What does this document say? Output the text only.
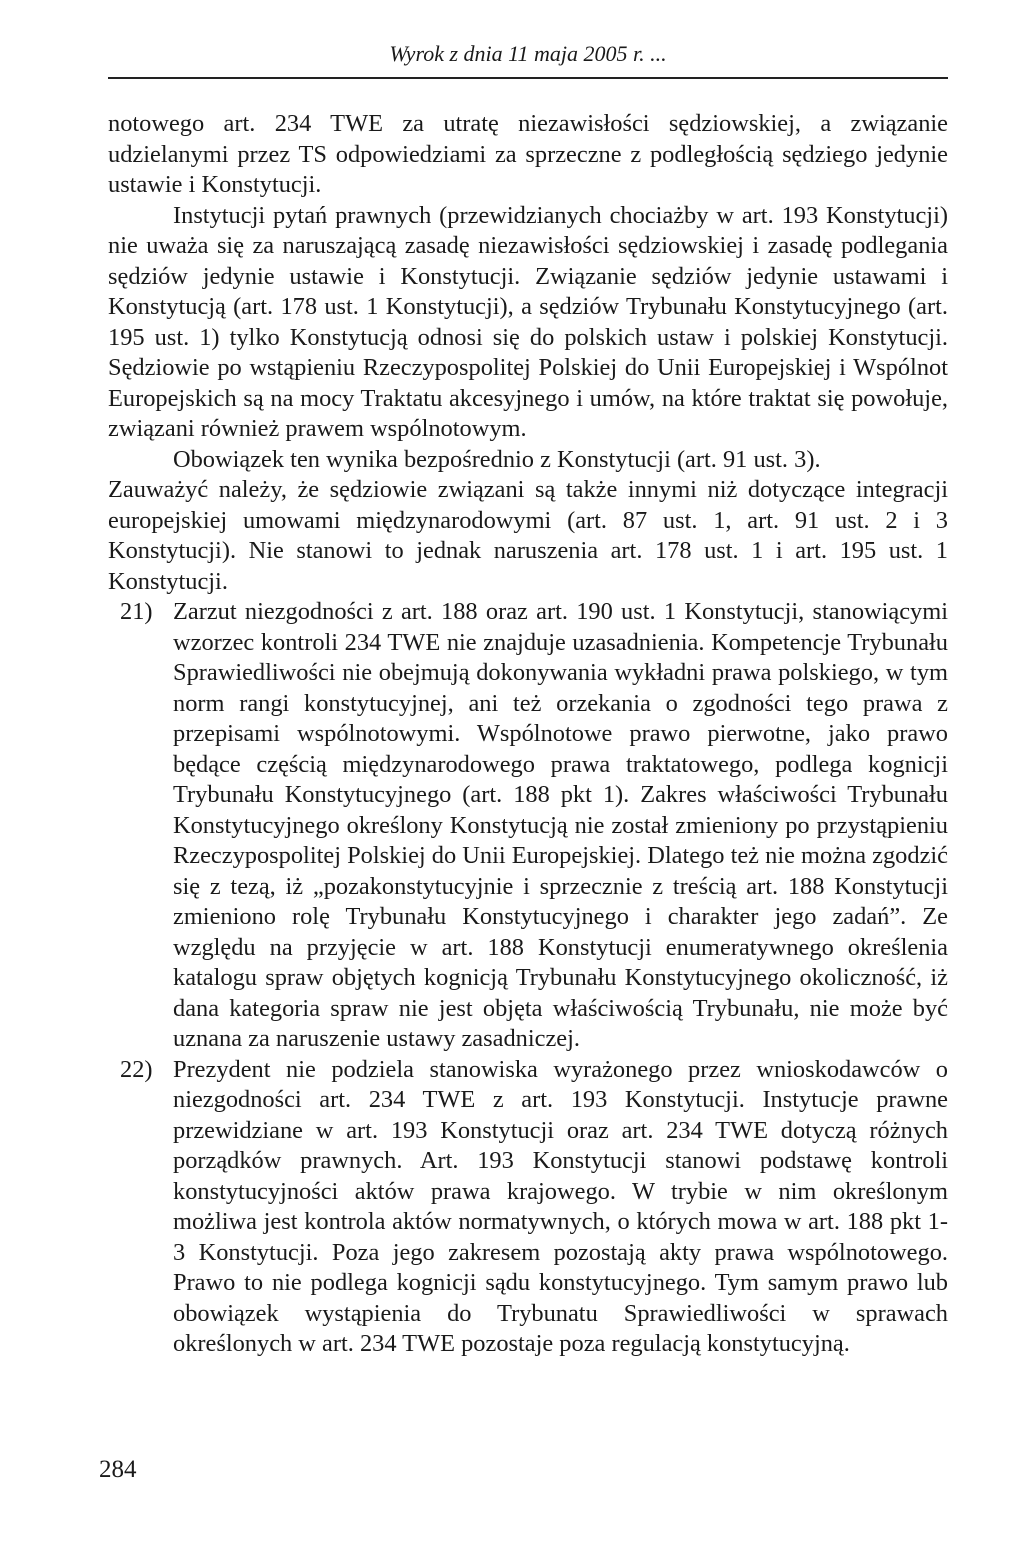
Wyrok z dnia 11 maja 2005 r. ...

notowego art. 234 TWE za utratę niezawisłości sędziowskiej, a związanie udzielanymi przez TS odpowiedziami za sprzeczne z podległością sędziego jedynie ustawie i Konstytucji.

Instytucji pytań prawnych (przewidzianych chociażby w art. 193 Konstytucji) nie uważa się za naruszającą zasadę niezawisłości sędziowskiej i zasadę podlegania sędziów jedynie ustawie i Konstytucji. Związanie sędziów jedynie ustawami i Konstytucją (art. 178 ust. 1 Konstytucji), a sędziów Trybunału Konstytucyjnego (art. 195 ust. 1) tylko Konstytucją odnosi się do polskich ustaw i polskiej Konstytucji. Sędziowie po wstąpieniu Rzeczypospolitej Polskiej do Unii Europejskiej i Wspólnot Europejskich są na mocy Traktatu akcesyjnego i umów, na które traktat się powołuje, związani również prawem wspólnotowym.

Obowiązek ten wynika bezpośrednio z Konstytucji (art. 91 ust. 3).

Zauważyć należy, że sędziowie związani są także innymi niż dotyczące integracji europejskiej umowami międzynarodowymi (art. 87 ust. 1, art. 91 ust. 2 i 3 Konstytucji). Nie stanowi to jednak naruszenia art. 178 ust. 1 i art. 195 ust. 1 Konstytucji.

21) Zarzut niezgodności z art. 188 oraz art. 190 ust. 1 Konstytucji, stanowiącymi wzorzec kontroli 234 TWE nie znajduje uzasadnienia. Kompetencje Trybunału Sprawiedliwości nie obejmują dokonywania wykładni prawa polskiego, w tym norm rangi konstytucyjnej, ani też orzekania o zgodności tego prawa z przepisami wspólnotowymi. Wspólnotowe prawo pierwotne, jako prawo będące częścią międzynarodowego prawa traktatowego, podlega kognicji Trybunału Konstytucyjnego (art. 188 pkt 1). Zakres właściwości Trybunału Konstytucyjnego określony Konstytucją nie został zmieniony po przystąpieniu Rzeczypospolitej Polskiej do Unii Europejskiej. Dlatego też nie można zgodzić się z tezą, iż „pozakonstytucyjnie i sprzecznie z treścią art. 188 Konstytucji zmieniono rolę Trybunału Konstytucyjnego i charakter jego zadań”. Ze względu na przyjęcie w art. 188 Konstytucji enumeratywnego określenia katalogu spraw objętych kognicją Trybunału Konstytucyjnego okoliczność, iż dana kategoria spraw nie jest objęta właściwością Trybunału, nie może być uznana za naruszenie ustawy zasadniczej.
22) Prezydent nie podziela stanowiska wyrażonego przez wnioskodawców o niezgodności art. 234 TWE z art. 193 Konstytucji. Instytucje prawne przewidziane w art. 193 Konstytucji oraz art. 234 TWE dotyczą różnych porządków prawnych. Art. 193 Konstytucji stanowi podstawę kontroli konstytucyjności aktów prawa krajowego. W trybie w nim określonym możliwa jest kontrola aktów normatywnych, o których mowa w art. 188 pkt 1-3 Konstytucji. Poza jego zakresem pozostają akty prawa wspólnotowego. Prawo to nie podlega kognicji sądu konstytucyjnego. Tym samym prawo lub obowiązek wystąpienia do Trybunatu Sprawiedliwości w sprawach określonych w art. 234 TWE pozostaje poza regulacją konstytucyjną.
284
